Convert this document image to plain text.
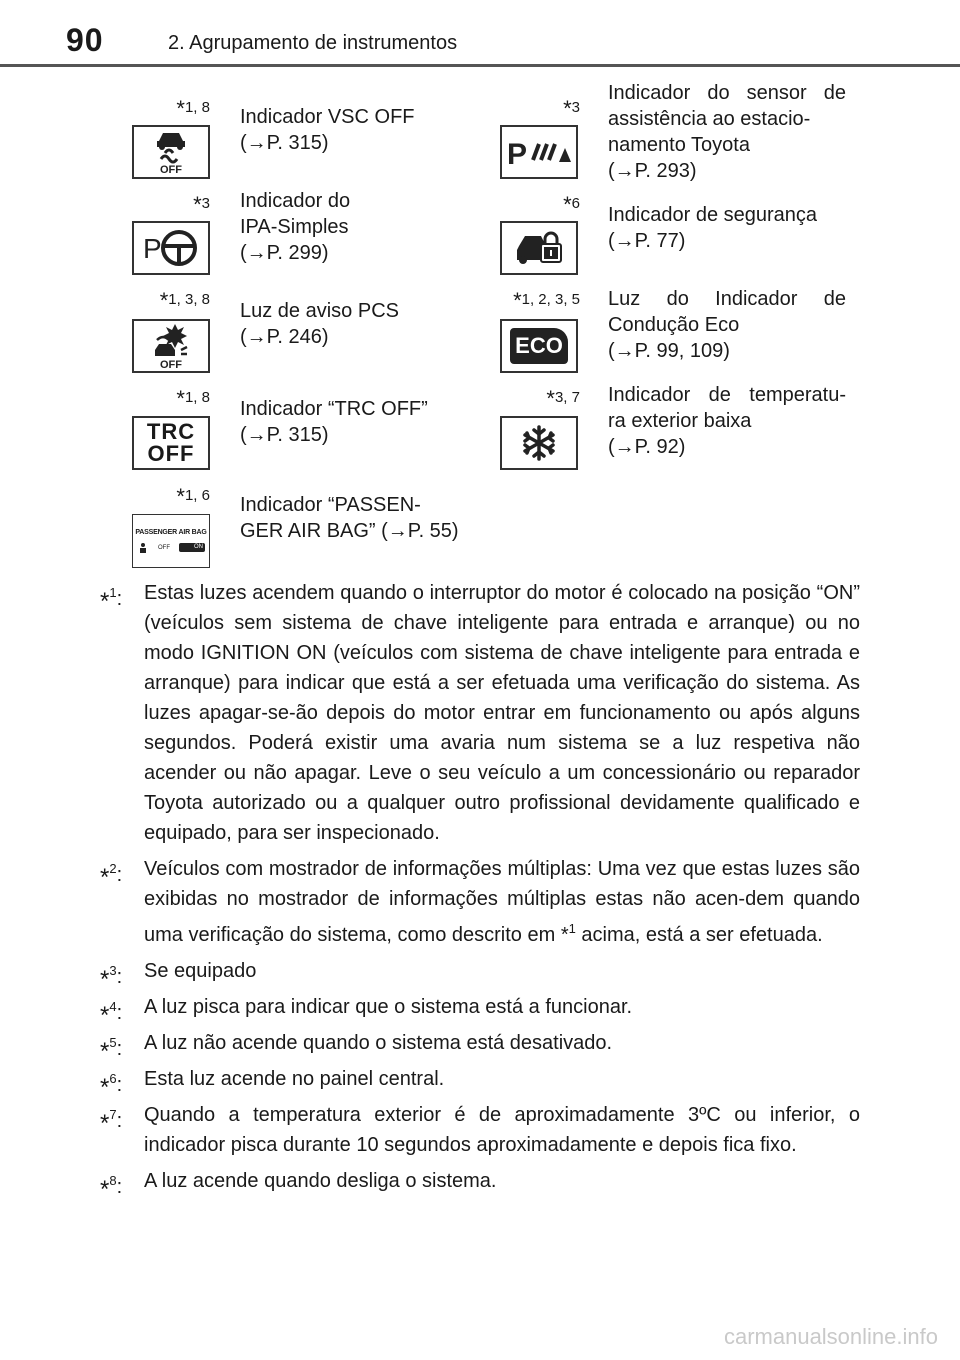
90	2. Agrupamento de instrumentos
*1, 8
OFF
Indicador VSC OFF
(→P. 315)
*3
P
Indicador do
IPA-Simples
(→P. 299)
*1, 3, 8
OFF
Luz de aviso PCS
(→P. 246)
*1, 8
TRC
OFF
Indicador “TRC OFF”
(→P. 315)
*1, 6
PASSENGER AIR BAG
OFF	ON
Indicador “PASSEN-
GER AIR BAG” (→P. 55)
*3
P
Indicador do sensor de
assistência ao estacio-
namento Toyota
(→P. 293)
*6
Indicador de segurança
(→P. 77)
*1, 2, 3, 5
ECO
Luz do Indicador de
Condução Eco
(→P. 99, 109)
*3, 7 Indicador de temperatu-
ra exterior baixa
(→P. 92)
*$^1$: Estas luzes acendem quando o interruptor do motor é colocado na posição “ON” (veículos sem sistema de chave inteligente para entrada e arranque) ou no modo IGNITION ON (veículos com sistema de chave inteligente para entrada e arranque) para indicar que está a ser efetuada uma verificação do sistema. As luzes apagar-se-ão depois do motor entrar em funcionamento ou após alguns segundos. Poderá existir uma avaria num sistema se a luz respetiva não acender ou não apagar. Leve o seu veículo a um concessionário ou reparador Toyota autorizado ou a qualquer outro profissional devidamente qualificado e equipado, para ser inspecionado.
*$^2$: Veículos com mostrador de informações múltiplas: Uma vez que estas luzes são exibidas no mostrador de informações múltiplas estas não acen-dem quando uma verificação do sistema, como descrito em *$^1$ acima, está a ser efetuada.
*$^3$: Se equipado
*$^4$: A luz pisca para indicar que o sistema está a funcionar.
*$^5$: A luz não acende quando o sistema está desativado.
*$^6$: Esta luz acende no painel central.
*$^7$: Quando a temperatura exterior é de aproximadamente 3ºC ou inferior, o indicador pisca durante 10 segundos aproximadamente e depois fica fixo.
*$^8$: A luz acende quando desliga o sistema.
carmanualsonline.info
